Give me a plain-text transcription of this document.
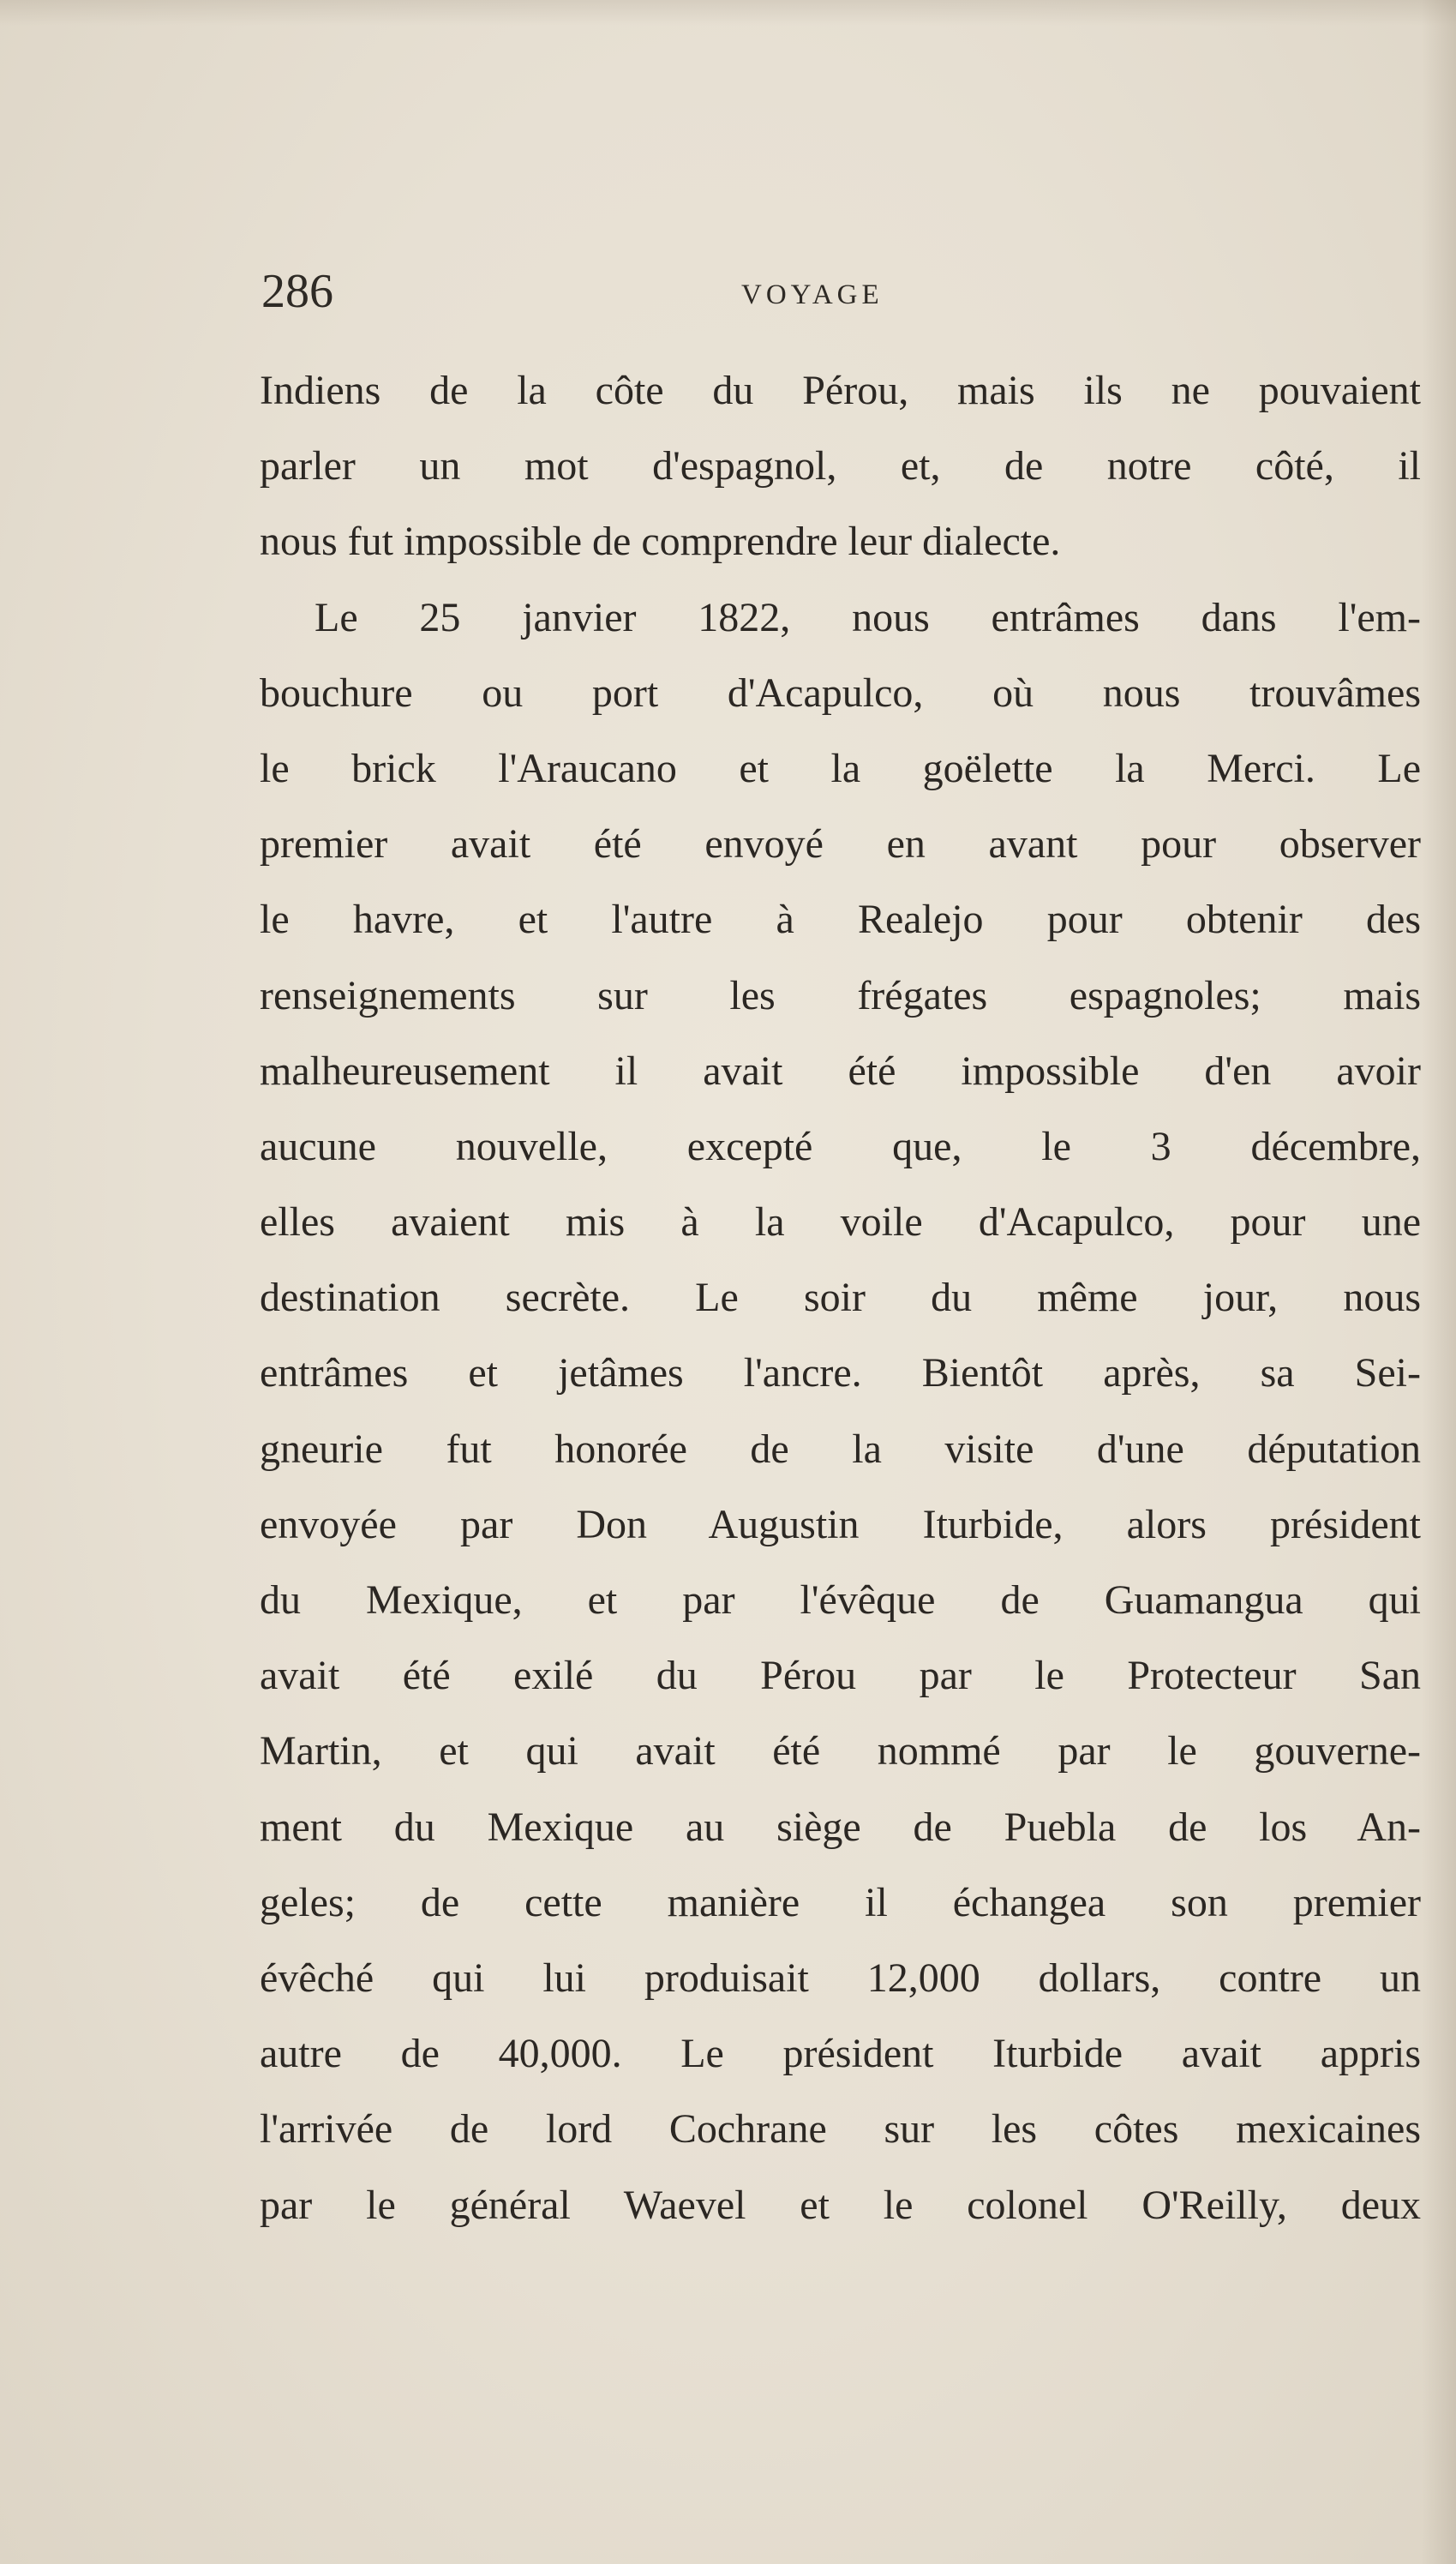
286	VOYAGE
Indiens de la côte du Pérou, mais ils ne pouvaient
parler un mot d'espagnol, et, de notre côté, il
nous fut impossible de comprendre leur dialecte.
Le 25 janvier 1822, nous entrâmes dans l'em-
bouchure ou port d'Acapulco, où nous trouvâmes
le brick l'Araucano et la goëlette la Merci. Le
premier avait été envoyé en avant pour observer
le havre, et l'autre à Realejo pour obtenir des
renseignements sur les frégates espagnoles; mais
malheureusement il avait été impossible d'en avoir
aucune nouvelle, excepté que, le 3 décembre,
elles avaient mis à la voile d'Acapulco, pour une
destination secrète. Le soir du même jour, nous
entrâmes et jetâmes l'ancre. Bientôt après, sa Sei-
gneurie fut honorée de la visite d'une députation
envoyée par Don Augustin Iturbide, alors président
du Mexique, et par l'évêque de Guamangua qui
avait été exilé du Pérou par le Protecteur San
Martin, et qui avait été nommé par le gouverne-
ment du Mexique au siège de Puebla de los An-
geles; de cette manière il échangea son premier
évêché qui lui produisait 12,000 dollars, contre un
autre de 40,000. Le président Iturbide avait appris
l'arrivée de lord Cochrane sur les côtes mexicaines
par le général Waevel et le colonel O'Reilly, deux
